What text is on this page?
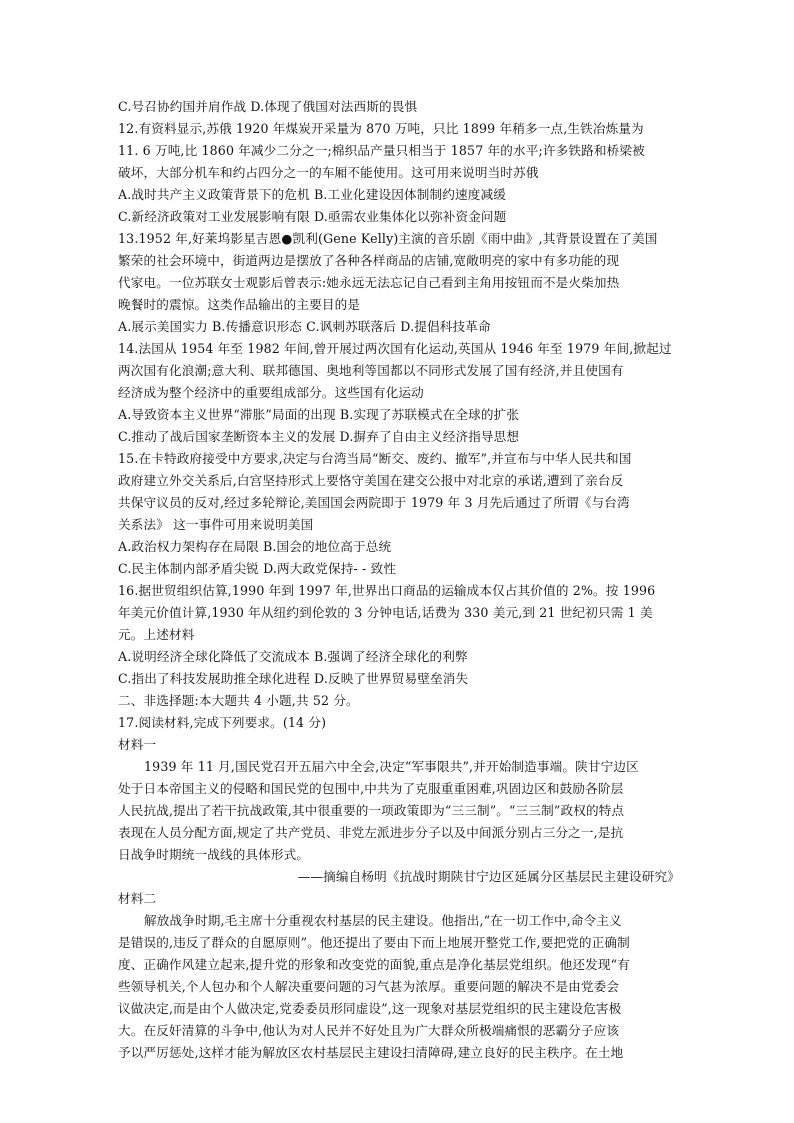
C.号召协约国并肩作战 D.体现了俄国对法西斯的畏惧
12.有资料显示,苏俄 1920 年煤炭开采量为 870 万吨，只比 1899 年稍多一点,生铁冶炼量为
11. 6 万吨,比 1860 年减少二分之一;棉织品产量只相当于 1857 年的水平;许多铁路和桥梁被
破坏，大部分机车和约占四分之一的车厢不能使用。这可用来说明当时苏俄
A.战时共产主义政策背景下的危机 B.工业化建设因体制制约速度减缓
C.新经济政策对工业发展影响有限 D.亟需农业集体化以弥补资金问题
13.1952 年,好莱坞影星吉恩●凯利(Gene Kelly)主演的音乐剧《雨中曲》,其背景设置在了美国
繁荣的社会环境中，街道两边是摆放了各种各样商品的店铺,宽敞明亮的家中有多功能的现
代家电。一位苏联女士观影后曾表示:她永远无法忘记自己看到主角用按钮而不是火柴加热
晚餐时的震惊。这类作品输出的主要目的是
A.展示美国实力 B.传播意识形态 C.讽刺苏联落后 D.提倡科技革命
14.法国从 1954 年至 1982 年间,曾开展过两次国有化运动,英国从 1946 年至 1979 年间,掀起过
两次国有化浪潮;意大利、联邦德国、奥地利等国都以不同形式发展了国有经济,并且使国有
经济成为整个经济中的重要组成部分。这些国有化运动
A.导致资本主义世界“滞胀”局面的出现 B.实现了苏联模式在全球的扩张
C.推动了战后国家垄断资本主义的发展 D.摒弃了自由主义经济指导思想
15.在卡特政府接受中方要求,决定与台湾当局“断交、废约、撤军”,并宣布与中华人民共和国
政府建立外交关系后,白宫坚持形式上要恪守美国在建交公报中对北京的承诺,遭到了亲台反
共保守议员的反对,经过多轮辩论,美国国会两院即于 1979 年 3 月先后通过了所谓《与台湾
关系法》 这一事件可用来说明美国
A.政治权力架构存在局限 B.国会的地位高于总统
C.民主体制内部矛盾尖锐 D.两大政党保持- - 致性
16.据世贸组织估算,1990 年到 1997 年,世界出口商品的运输成本仅占其价值的 2%。按 1996
年美元价值计算,1930 年从纽约到伦敦的 3 分钟电话,话费为 330 美元,到 21 世纪初只需 1 美
元。上述材料
A.说明经济全球化降低了交流成本 B.强调了经济全球化的利弊
C.指出了科技发展助推全球化进程 D.反映了世界贸易壁垒消失
二、非选择题:本大题共 4 小题,共 52 分。
17.阅读材料,完成下列要求。(14 分)
材料一
1939 年 11 月,国民党召开五届六中全会,决定“军事限共”,并开始制造事端。陕甘宁边区
处于日本帝国主义的侵略和国民党的包围中,中共为了克服重重困难,巩固边区和鼓励各阶层
人民抗战,提出了若干抗战政策,其中很重要的一项政策即为“三三制”。“三三制”政权的特点
表现在人员分配方面,规定了共产党员、非党左派进步分子以及中间派分别占三分之一,是抗
日战争时期统一战线的具体形式。
——摘编自杨明《抗战时期陕甘宁边区延属分区基层民主建设研究》
材料二
解放战争时期,毛主席十分重视农村基层的民主建设。他指出,“在一切工作中,命令主义
是错误的,违反了群众的自愿原则”。他还提出了要由下而上地展开整党工作,要把党的正确制
度、正确作风建立起来,提升党的形象和改变党的面貌,重点是净化基层党组织。他还发现“有
些领导机关,个人包办和个人解决重要问题的习气甚为浓厚。重要问题的解决不是由党委会
议做决定,而是由个人做决定,党委委员形同虚设”,这一现象对基层党组织的民主建设危害极
大。在反奸清算的斗争中,他认为对人民并不好处且为广大群众所极端痛恨的恶霸分子应该
予以严厉惩处,这样才能为解放区农村基层民主建设扫清障碍,建立良好的民主秩序。在土地
